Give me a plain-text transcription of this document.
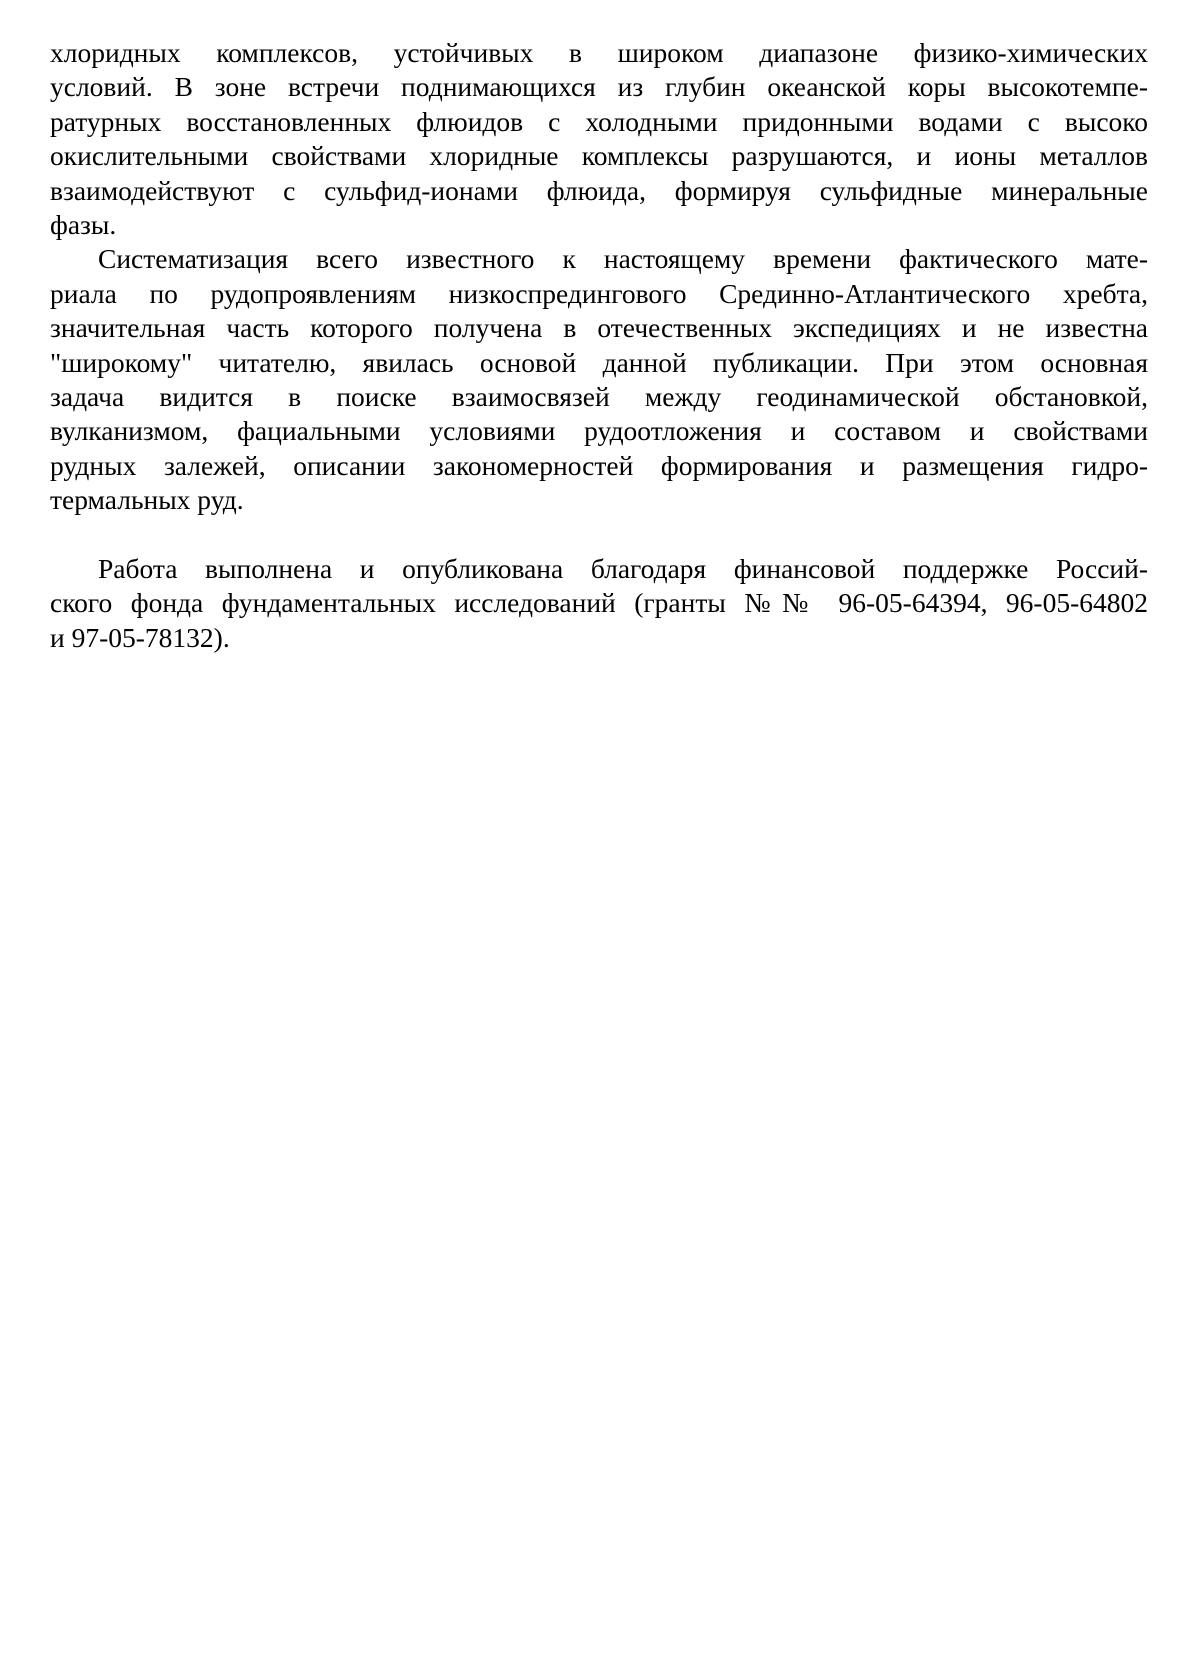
хлоридных комплексов, устойчивых в широком диапазоне физико-химических
условий. В зоне встречи поднимающихся из глубин океанской коры высокотемпе-
ратурных восстановленных флюидов с холодными придонными водами с высоко
окислительными свойствами хлоридные комплексы разрушаются, и ионы металлов
взаимодействуют с сульфид-ионами флюида, формируя сульфидные минеральные
фазы.
Систематизация всего известного к настоящему времени фактического мате-
риала по рудопроявлениям низкоспредингового Срединно-Атлантического хребта,
значительная часть которого получена в отечественных экспедициях и не известна
"широкому" читателю, явилась основой данной публикации. При этом основная
задача видится в поиске взаимосвязей между геодинамической обстановкой,
вулканизмом, фациальными условиями рудоотложения и составом и свойствами
рудных залежей, описании закономерностей формирования и размещения гидро-
термальных руд.
Работа выполнена и опубликована благодаря финансовой поддержке Россий-
ского фонда фундаментальных исследований (гранты №№ 96-05-64394, 96-05-64802
и 97-05-78132).
